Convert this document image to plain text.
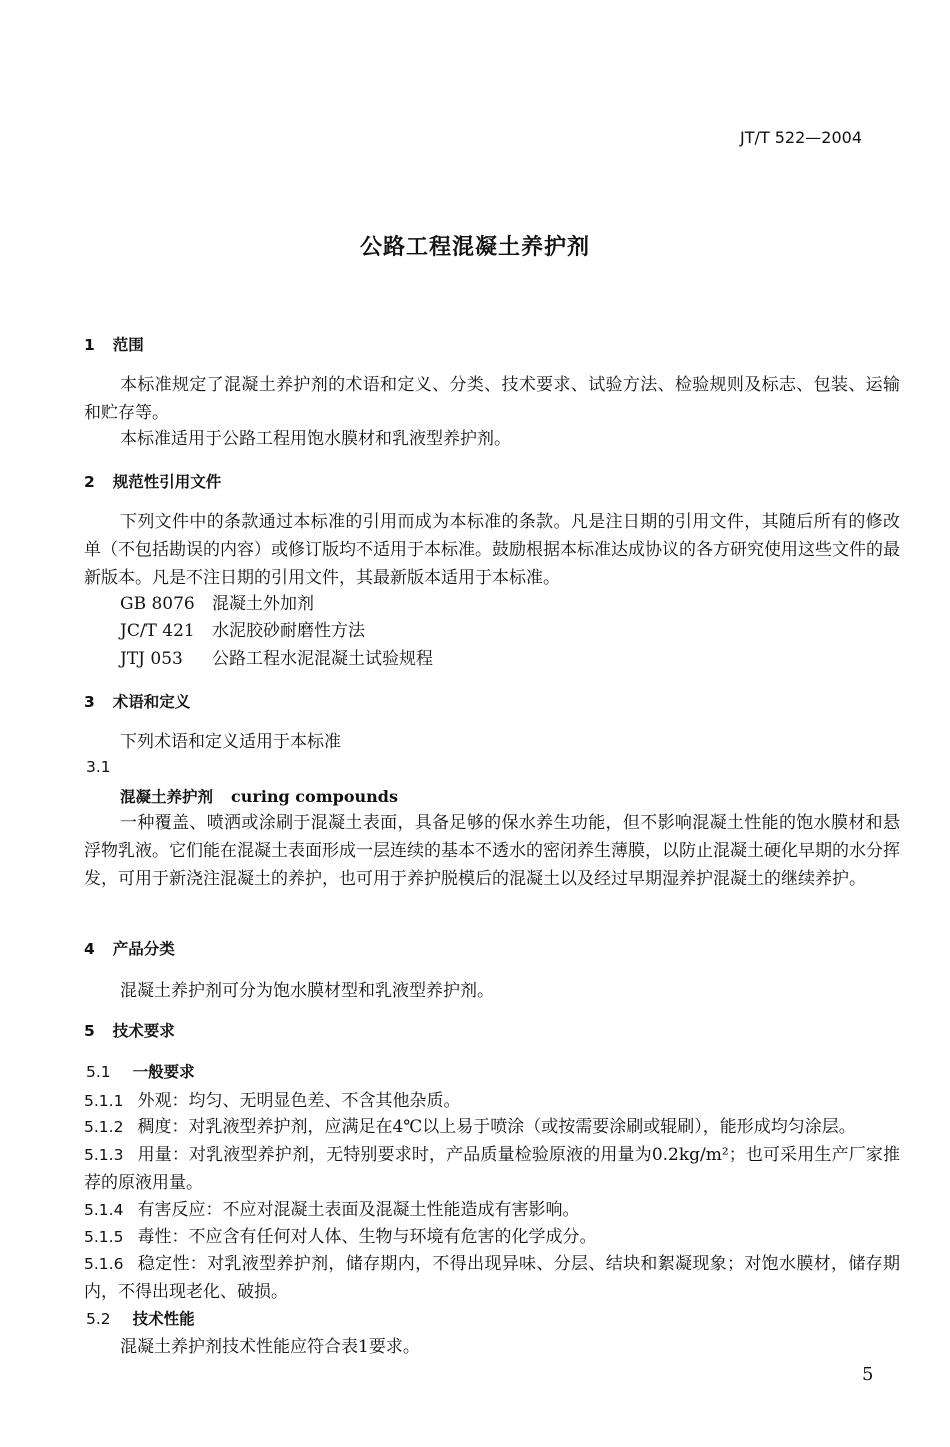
JT/T 522—2004
公路工程混凝土养护剂
1 范围
本标准规定了混凝土养护剂的术语和定义、分类、技术要求、试验方法、检验规则及标志、包装、运输和贮存等。
本标准适用于公路工程用饱水膜材和乳液型养护剂。
2 规范性引用文件
下列文件中的条款通过本标准的引用而成为本标准的条款。凡是注日期的引用文件，其随后所有的修改单（不包括勘误的内容）或修订版均不适用于本标准。鼓励根据本标准达成协议的各方研究使用这些文件的最新版本。凡是不注日期的引用文件，其最新版本适用于本标准。
GB 8076 混凝土外加剂
JC/T 421 水泥胶砂耐磨性方法
JTJ 053 公路工程水泥混凝土试验规程
3 术语和定义
下列术语和定义适用于本标准
3.1
混凝土养护剂 curing compounds
一种覆盖、喷洒或涂刷于混凝土表面，具备足够的保水养生功能，但不影响混凝土性能的饱水膜材和悬浮物乳液。它们能在混凝土表面形成一层连续的基本不透水的密闭养生薄膜，以防止混凝土硬化早期的水分挥发，可用于新浇注混凝土的养护，也可用于养护脱模后的混凝土以及经过早期湿养护混凝土的继续养护。
4 产品分类
混凝土养护剂可分为饱水膜材型和乳液型养护剂。
5 技术要求
5.1 一般要求
5.1.1 外观：均匀、无明显色差、不含其他杂质。
5.1.2 稠度：对乳液型养护剂，应满足在4℃以上易于喷涂（或按需要涂刷或辊刷），能形成均匀涂层。
5.1.3 用量：对乳液型养护剂，无特别要求时，产品质量检验原液的用量为0.2kg/m²；也可采用生产厂家推荐的原液用量。
5.1.4 有害反应：不应对混凝土表面及混凝土性能造成有害影响。
5.1.5 毒性：不应含有任何对人体、生物与环境有危害的化学成分。
5.1.6 稳定性：对乳液型养护剂，储存期内，不得出现异味、分层、结块和絮凝现象；对饱水膜材，储存期内，不得出现老化、破损。
5.2 技术性能
混凝土养护剂技术性能应符合表1要求。
5
